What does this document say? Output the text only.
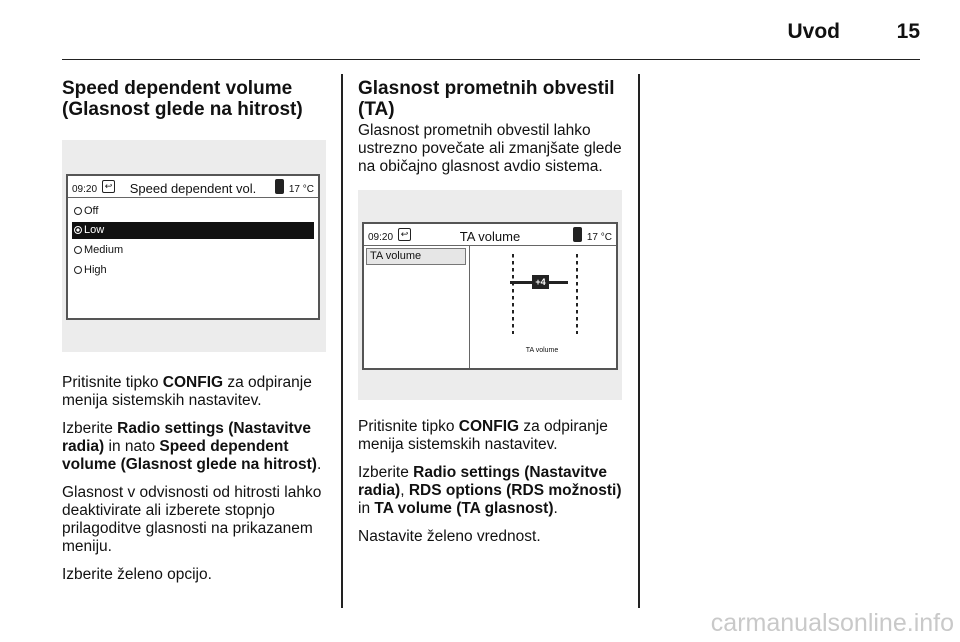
Uvod	15
Speed dependent volume (Glasnost glede na hitrost)
09:20 ↩ Speed dependent vol.	17 °C
Off
Low
Medium
High

Pritisnite tipko CONFIG za odpiranje menija sistemskih nastavitev.

Izberite Radio settings (Nastavitve radia) in nato Speed dependent volume (Glasnost glede na hitrost).

Glasnost v odvisnosti od hitrosti lahko deaktivirate ali izberete stopnjo prilagoditve glasnosti na prikazanem meniju.

Izberite želeno opcijo.

Glasnost prometnih obvestil (TA)

Glasnost prometnih obvestil lahko ustrezno povečate ali zmanjšate glede na običajno glasnost avdio sistema.

09:20 ↩	TA volume	17 °C
TA volume
+4
TA volume

Pritisnite tipko CONFIG za odpiranje menija sistemskih nastavitev.

Izberite Radio settings (Nastavitve radia), RDS options (RDS možnosti) in TA volume (TA glasnost).

Nastavite želeno vrednost.

carmanualsonline.info
